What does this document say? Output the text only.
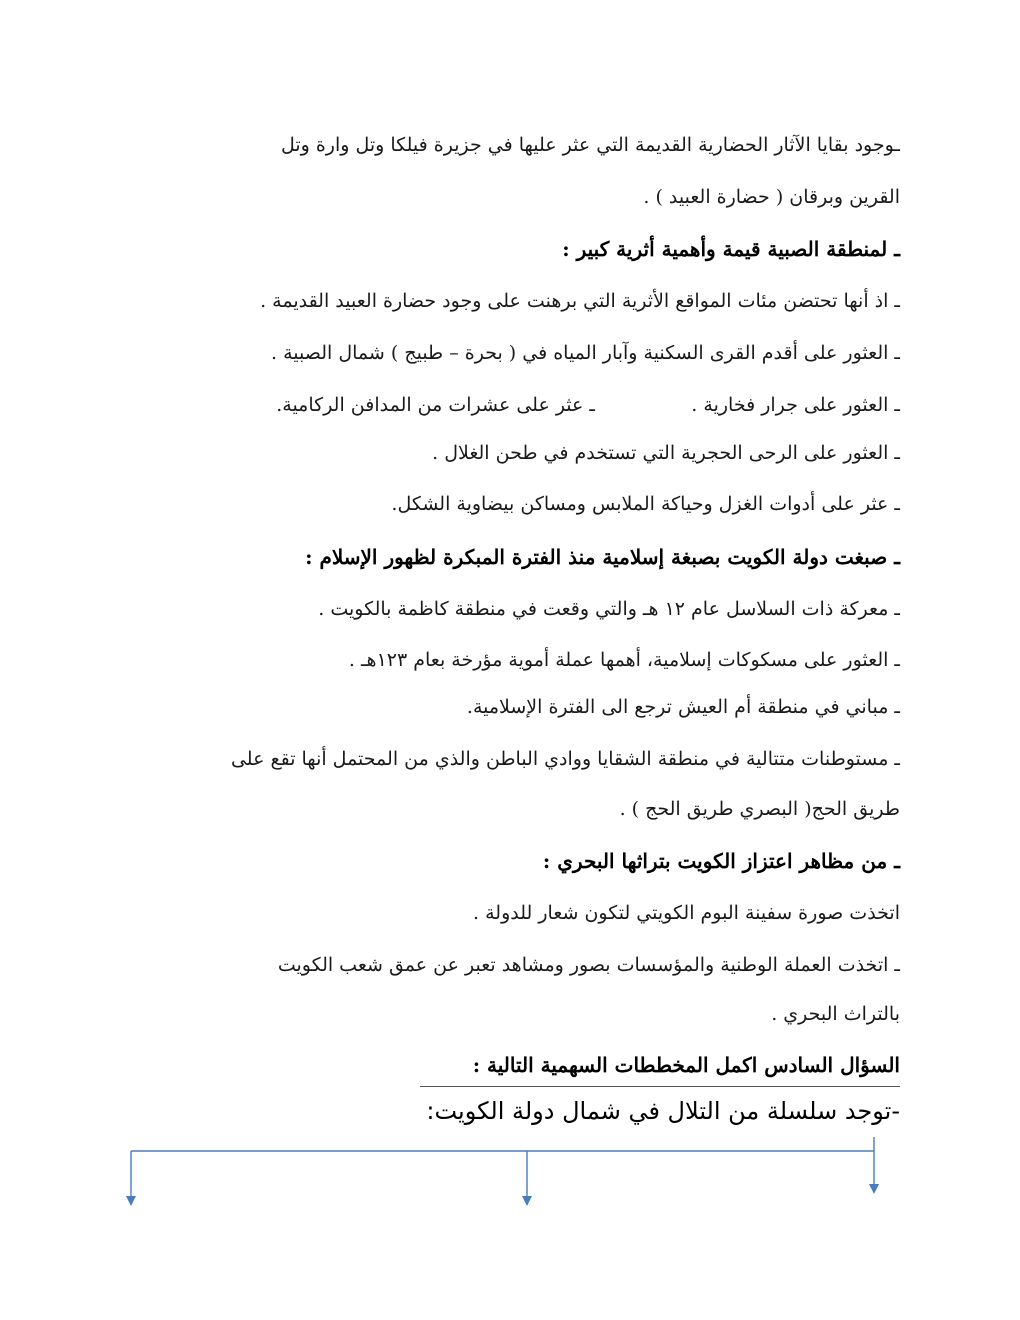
ـوجود بقايا الآثار الحضارية القديمة التي عثر عليها في جزيرة فيلكا وتل وارة وتل
القرين وبرقان ( حضارة العبيد ) .
ـ لمنطقة الصبية قيمة وأهمية أثرية كبير :
ـ اذ أنها تحتضن مئات المواقع الأثرية التي برهنت على وجود حضارة العبيد القديمة .
ـ العثور على أقدم القرى السكنية وآبار المياه في ( بحرة – طبيج ) شمال الصبية .
ـ العثور على جرار فخارية .
ـ عثر على عشرات من المدافن الركامية.
ـ العثور على الرحى الحجرية التي تستخدم في طحن الغلال .
ـ عثر على أدوات الغزل وحياكة الملابس ومساكن بيضاوية الشكل.
ـ صبغت دولة الكويت بصبغة إسلامية منذ الفترة المبكرة لظهور الإسلام :
ـ معركة ذات السلاسل عام ١٢ هـ والتي وقعت في منطقة كاظمة بالكويت .
ـ العثور على مسكوكات إسلامية، أهمها عملة أموية مؤرخة بعام ١٢٣هـ .
ـ مباني في منطقة أم العيش ترجع الى الفترة الإسلامية.
ـ مستوطنات متتالية في منطقة الشقايا ووادي الباطن والذي من المحتمل أنها تقع على
طريق الحج( البصري طريق الحج ) .
ـ من مظاهر اعتزاز الكويت بتراثها البحري :
اتخذت صورة سفينة البوم الكويتي لتكون شعار للدولة .
ـ اتخذت العملة الوطنية والمؤسسات بصور ومشاهد تعبر عن عمق شعب الكويت
بالتراث البحري .
السؤال السادس اكمل المخططات السهمية التالية :
-توجد سلسلة من التلال في شمال دولة الكويت:
